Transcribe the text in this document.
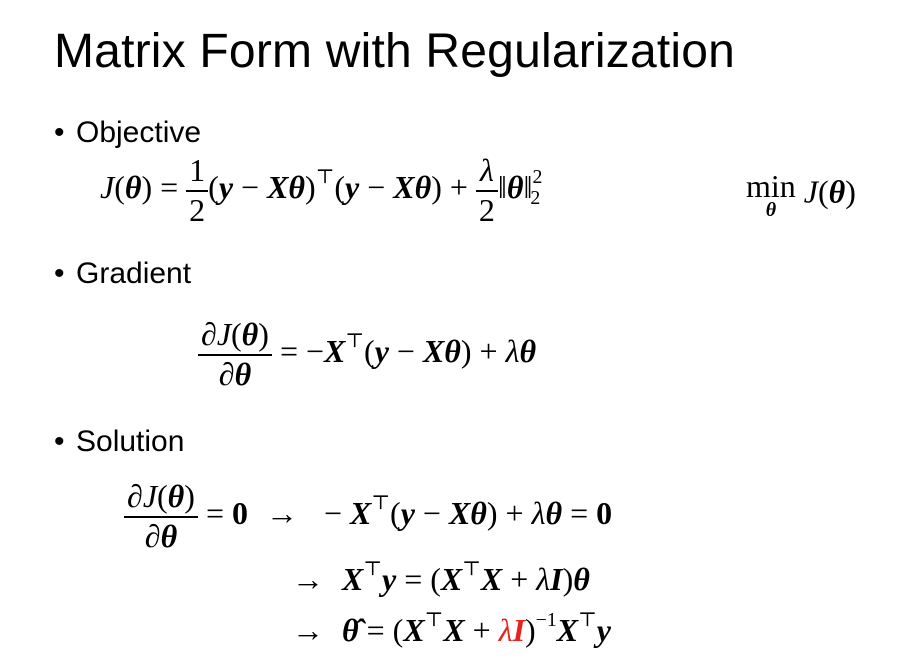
Matrix Form with Regularization
• Objective
$J(\theta) = \frac{1}{2} (y - X\theta)^⊤(y - X\theta) + \frac{\lambda}{2}$ ‖θ‖$^2_2$	min
θ
J(θ)
• Gradient
$\frac{\partial J(\theta)}{\partial\theta} = -X^⊤(y - X\theta) + \lambda\theta$
• Solution
$\frac{\partial J(\theta)}{\partial\theta} = 0$ →  − X⊤(y − Xθ) + λθ = 0
→ X⊤y = (X⊤X + λI)θ
→ θ̂ = $(X^⊤X + \lambda I)^{-1}X^⊤y$
